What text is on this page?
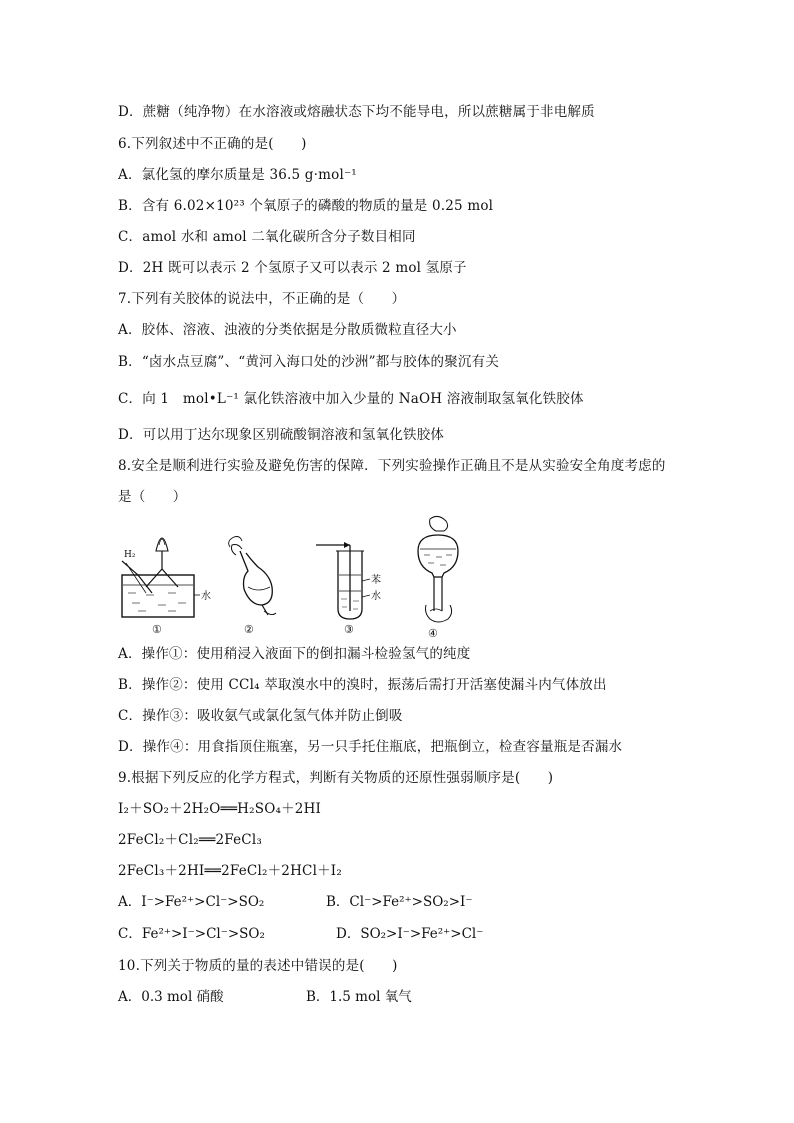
D．蔗糖（纯净物）在水溶液或熔融状态下均不能导电，所以蔗糖属于非电解质
6.下列叙述中不正确的是(　　)
A．氯化氢的摩尔质量是 36.5 g·mol⁻¹
B．含有 6.02×10²³ 个氧原子的磷酸的物质的量是 0.25 mol
C．amol 水和 amol 二氧化碳所含分子数目相同
D．2H 既可以表示 2 个氢原子又可以表示 2 mol 氢原子
7.下列有关胶体的说法中，不正确的是（　　）
A．胶体、溶液、浊液的分类依据是分散质微粒直径大小
B．“卤水点豆腐”、“黄河入海口处的沙洲”都与胶体的聚沉有关
C．向 1　mol•L⁻¹ 氯化铁溶液中加入少量的 NaOH 溶液制取氢氧化铁胶体
D．可以用丁达尔现象区别硫酸铜溶液和氢氧化铁胶体
8.安全是顺利进行实验及避免伤害的保障．下列实验操作正确且不是从实验安全角度考虑的
是（　　）
H₂
水
①	②
苯
水
③	④
A．操作①：使用稍浸入液面下的倒扣漏斗检验氢气的纯度
B．操作②：使用 CCl₄ 萃取溴水中的溴时，振荡后需打开活塞使漏斗内气体放出
C．操作③：吸收氨气或氯化氢气体并防止倒吸
D．操作④：用食指顶住瓶塞，另一只手托住瓶底，把瓶倒立，检查容量瓶是否漏水
9.根据下列反应的化学方程式，判断有关物质的还原性强弱顺序是(　　)
I₂＋SO₂＋2H₂O══H₂SO₄＋2HI
2FeCl₂＋Cl₂══2FeCl₃
2FeCl₃＋2HI══2FeCl₂＋2HCl＋I₂
A．I⁻>Fe²⁺>Cl⁻>SO₂	B．Cl⁻>Fe²⁺>SO₂>I⁻
C．Fe²⁺>I⁻>Cl⁻>SO₂	D．SO₂>I⁻>Fe²⁺>Cl⁻
10.下列关于物质的量的表述中错误的是(　　)
A．0.3 mol 硝酸	B．1.5 mol 氧气
